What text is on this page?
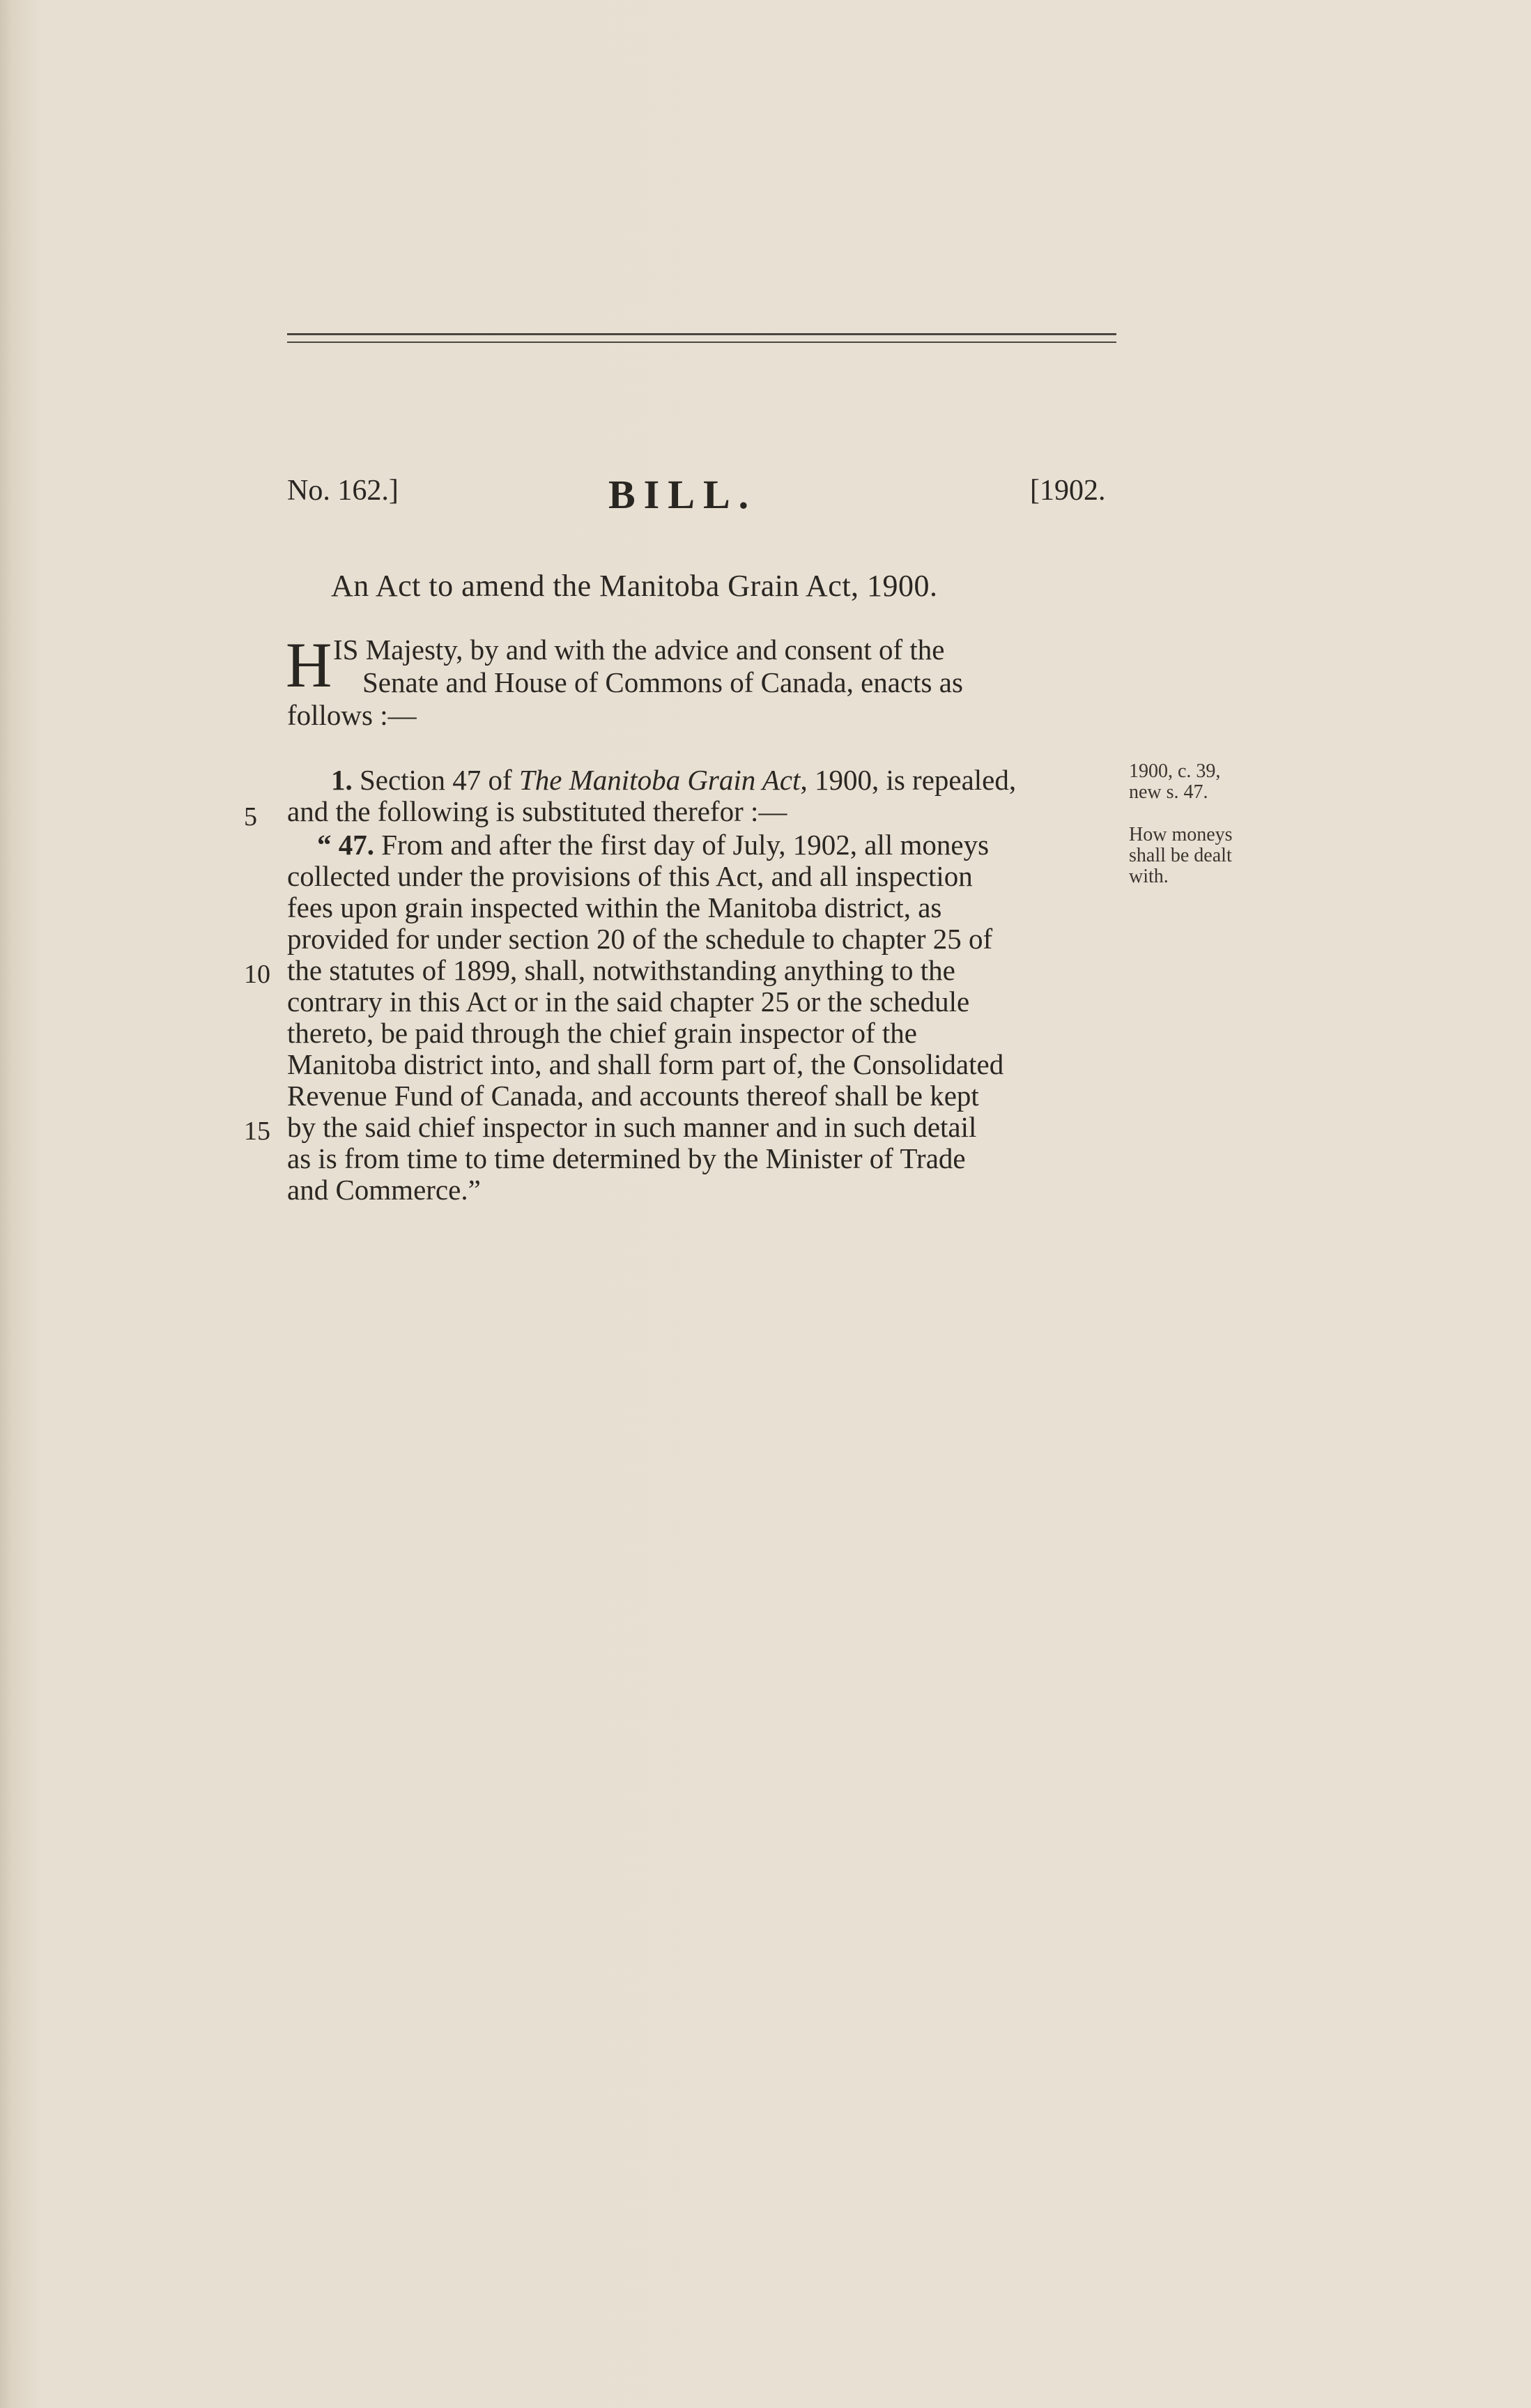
No. 162.]	BILL.	[1902.
An Act to amend the Manitoba Grain Act, 1900.
H IS Majesty, by and with the advice and consent of the
Senate and House of Commons of Canada, enacts as
follows :—
1. Section 47 of The Manitoba Grain Act, 1900, is repealed,
and the following is substituted therefor :—
“ 47. From and after the first day of July, 1902, all moneys
collected under the provisions of this Act, and all inspection
fees upon grain inspected within the Manitoba district, as
provided for under section 20 of the schedule to chapter 25 of
the statutes of 1899, shall, notwithstanding anything to the
contrary in this Act or in the said chapter 25 or the schedule
thereto, be paid through the chief grain inspector of the
Manitoba district into, and shall form part of, the Consolidated
Revenue Fund of Canada, and accounts thereof shall be kept
by the said chief inspector in such manner and in such detail
as is from time to time determined by the Minister of Trade
and Commerce.”
5
10
15
1900, c. 39,
new s. 47.
How moneys
shall be dealt
with.
